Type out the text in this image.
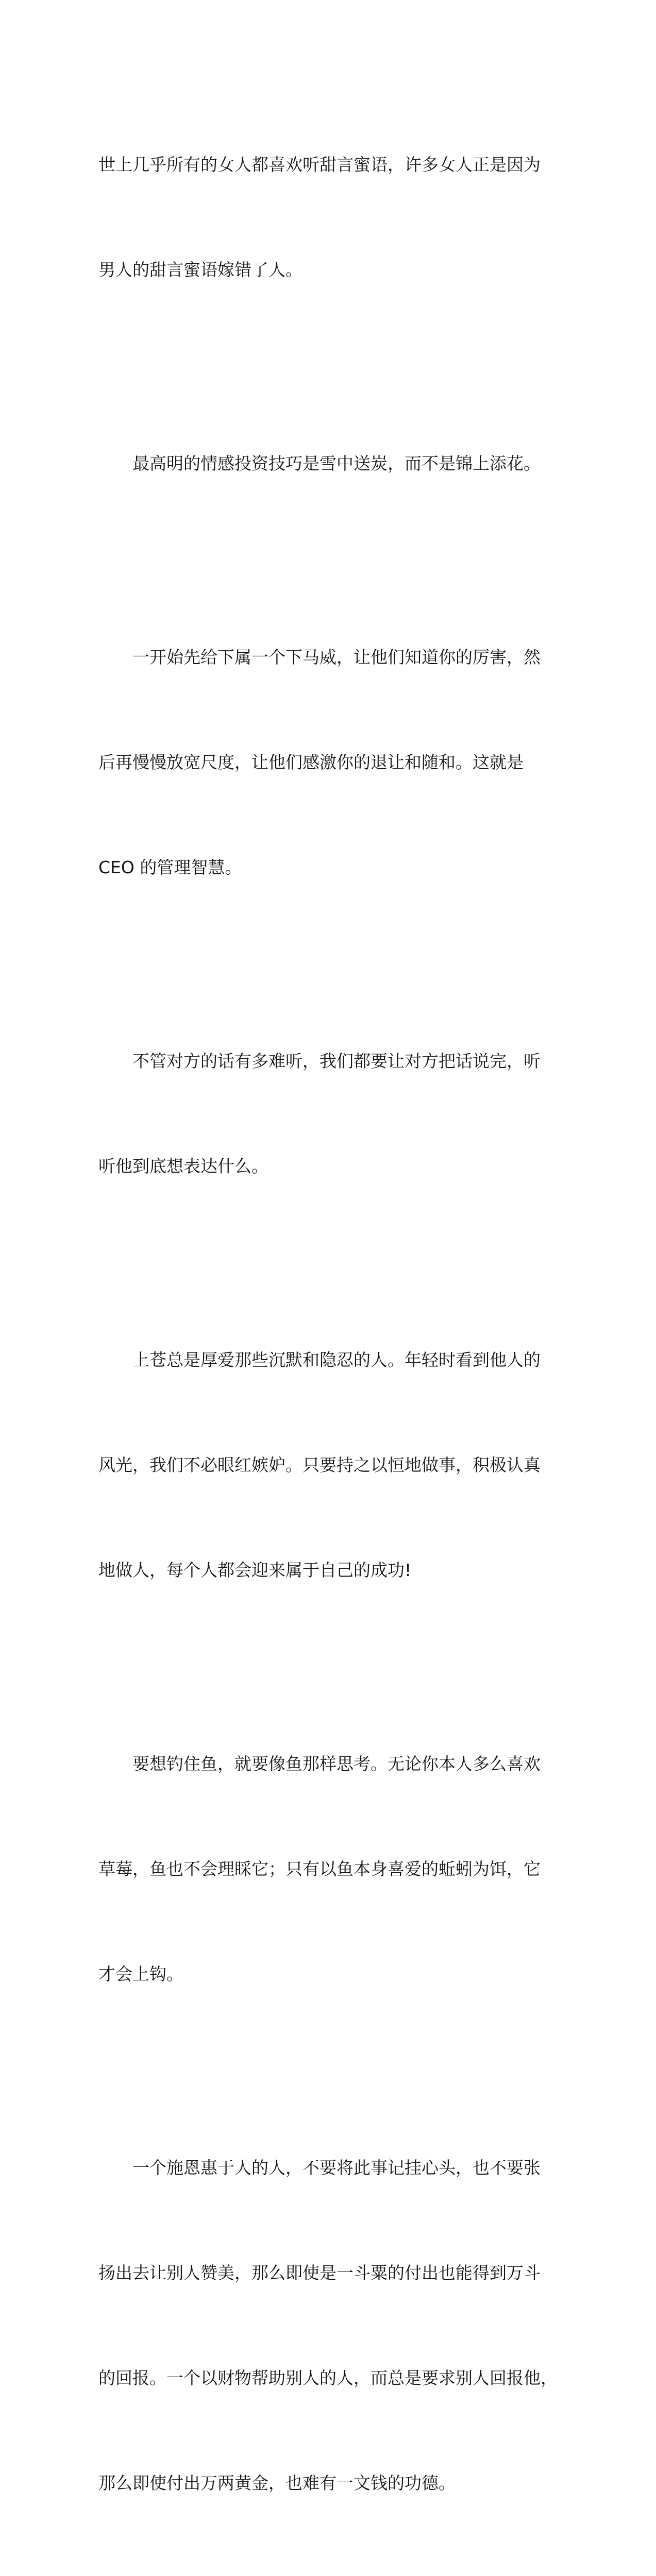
世上几乎所有的女人都喜欢听甜言蜜语，许多女人正是因为

男人的甜言蜜语嫁错了人。

最高明的情感投资技巧是雪中送炭，而不是锦上添花。

一开始先给下属一个下马威，让他们知道你的厉害，然

后再慢慢放宽尺度，让他们感激你的退让和随和。这就是

CEO 的管理智慧。

不管对方的话有多难听，我们都要让对方把话说完，听

听他到底想表达什么。

上苍总是厚爱那些沉默和隐忍的人。年轻时看到他人的

风光，我们不必眼红嫉妒。只要持之以恒地做事，积极认真

地做人，每个人都会迎来属于自己的成功!

要想钓住鱼，就要像鱼那样思考。无论你本人多么喜欢

草莓，鱼也不会理睬它；只有以鱼本身喜爱的蚯蚓为饵，它

才会上钩。

一个施恩惠于人的人，不要将此事记挂心头，也不要张

扬出去让别人赞美，那么即使是一斗粟的付出也能得到万斗

的回报。一个以财物帮助别人的人，而总是要求别人回报他，

那么即使付出万两黄金，也难有一文钱的功德。
